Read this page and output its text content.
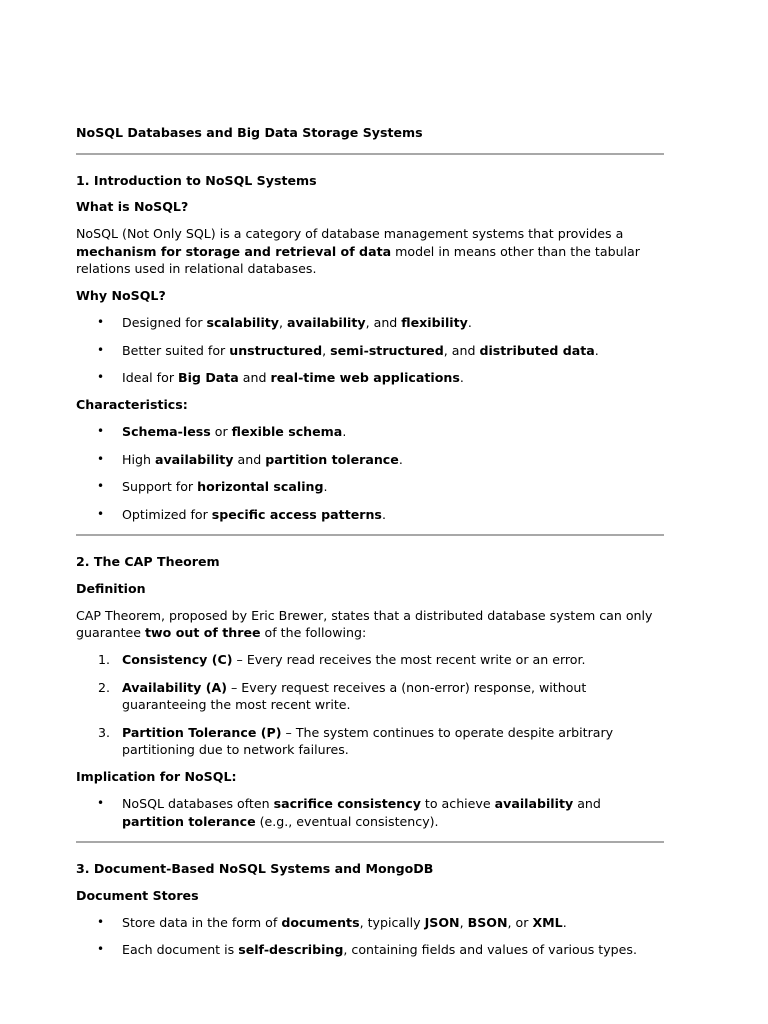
NoSQL Databases and Big Data Storage Systems
1. Introduction to NoSQL Systems
What is NoSQL?

NoSQL (Not Only SQL) is a category of database management systems that provides a mechanism for storage and retrieval of data model in means other than the tabular relations used in relational databases.

Why NoSQL?
• Designed for scalability, availability, and flexibility.
• Better suited for unstructured, semi-structured, and distributed data.
• Ideal for Big Data and real-time web applications.
Characteristics:
• Schema-less or flexible schema.
• High availability and partition tolerance.
• Support for horizontal scaling.
• Optimized for specific access patterns.
2. The CAP Theorem
Definition

CAP Theorem, proposed by Eric Brewer, states that a distributed database system can only guarantee two out of three of the following:

1. Consistency (C) – Every read receives the most recent write or an error.
2. Availability (A) – Every request receives a (non-error) response, without guaranteeing the most recent write.
3. Partition Tolerance (P) – The system continues to operate despite arbitrary partitioning due to network failures.
Implication for NoSQL:
• NoSQL databases often sacrifice consistency to achieve availability and partition tolerance (e.g., eventual consistency).
3. Document-Based NoSQL Systems and MongoDB
Document Stores
• Store data in the form of documents, typically JSON, BSON, or XML.
• Each document is self-describing, containing fields and values of various types.
